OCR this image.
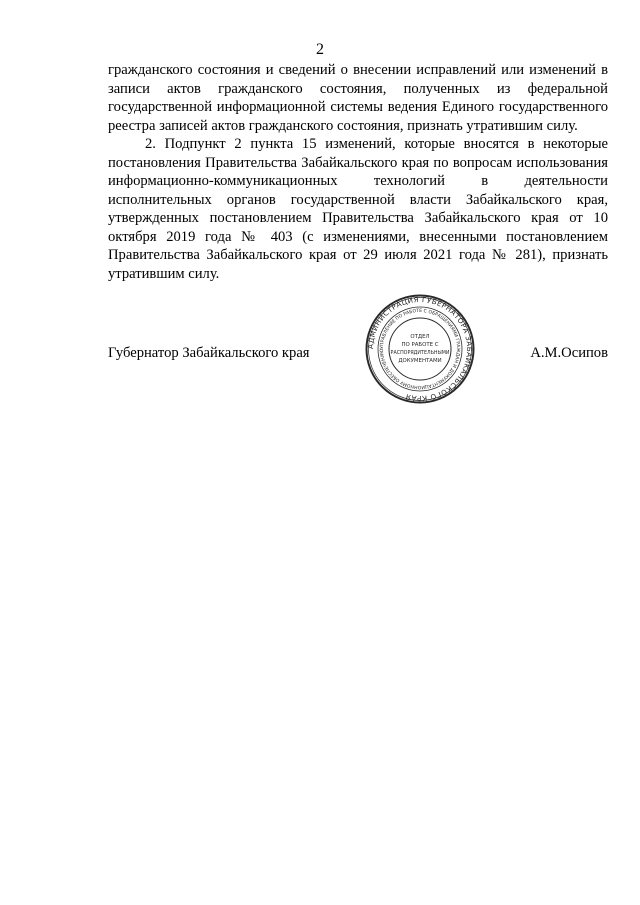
2

гражданского состояния и сведений о внесении исправлений или изменений в записи актов гражданского состояния, полученных из федеральной государственной информационной системы ведения Единого государственного реестра записей актов гражданского состояния, признать утратившим силу.

2. Подпункт 2 пункта 15 изменений, которые вносятся в некоторые постановления Правительства Забайкальского края по вопросам использования информационно-коммуникационных технологий в деятельности исполнительных органов государственной власти Забайкальского края, утвержденных постановлением Правительства Забайкальского края от 10 октября 2019 года № 403 (с изменениями, внесенными постановлением Правительства Забайкальского края от 29 июля 2021 года № 281), признать утратившим силу.

Губернатор Забайкальского края	А.М.Осипов
АДМИНИСТРАЦИЯ ГУБЕРНАТОРА ЗАБАЙКАЛЬСКОГО КРАЯ
УПРАВЛЕНИЕ ПО РАБОТЕ С ОБРАЩЕНИЯМИ ГРАЖДАН И ДОКУМЕНТАЦИОННОМУ ОБЕСПЕЧЕНИЮ
ОТДЕЛ
ПО РАБОТЕ С
РАСПОРЯДИТЕЛЬНЫМИ
ДОКУМЕНТАМИ
